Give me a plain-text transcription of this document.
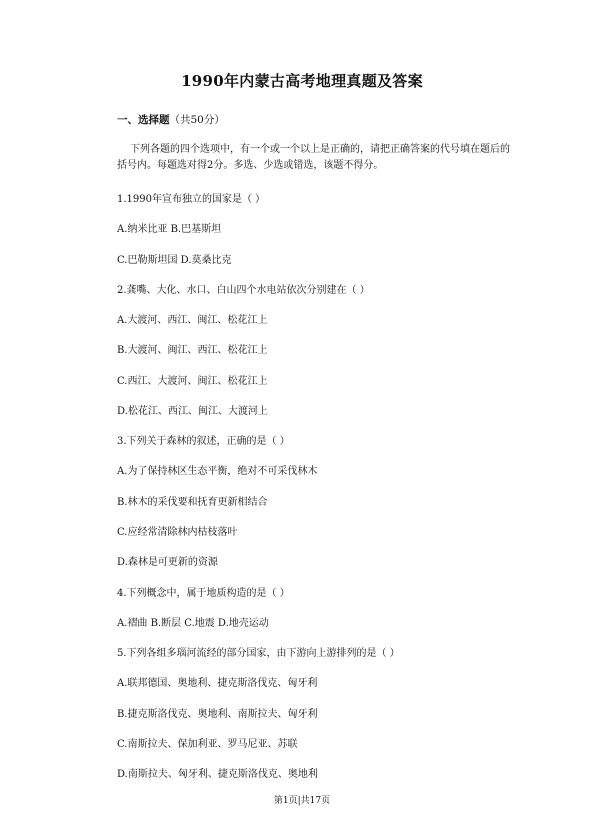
1990年内蒙古高考地理真题及答案
一、选择题（共50分）
下列各题的四个选项中，有一个或一个以上是正确的，请把正确答案的代号填在题后的括号内。每题选对得2分。多选、少选或错选，该题不得分。
1.1990年宣布独立的国家是（ ）
A.纳米比亚 B.巴基斯坦
C.巴勒斯坦国 D.莫桑比克
2.龚嘴、大化、水口、白山四个水电站依次分别建在（ ）
A.大渡河、西江、闽江、松花江上
B.大渡河、闽江、西江、松花江上
C.西江、大渡河、闽江、松花江上
D.松花江、西江、闽江、大渡河上
3.下列关于森林的叙述，正确的是（ ）
A.为了保持林区生态平衡，绝对不可采伐林木
B.林木的采伐要和抚育更新相结合
C.应经常清除林内枯枝落叶
D.森林是可更新的资源
4.下列概念中，属于地质构造的是（ ）
A.褶曲 B.断层 C.地震 D.地壳运动
5.下列各组多瑙河流经的部分国家，由下游向上游排列的是（ ）
A.联邦德国、奥地利、捷克斯洛伐克、匈牙利
B.捷克斯洛伐克、奥地利、南斯拉夫、匈牙利
C.南斯拉夫、保加利亚、罗马尼亚、苏联
D.南斯拉夫、匈牙利、捷克斯洛伐克、奥地利
第1页|共17页
